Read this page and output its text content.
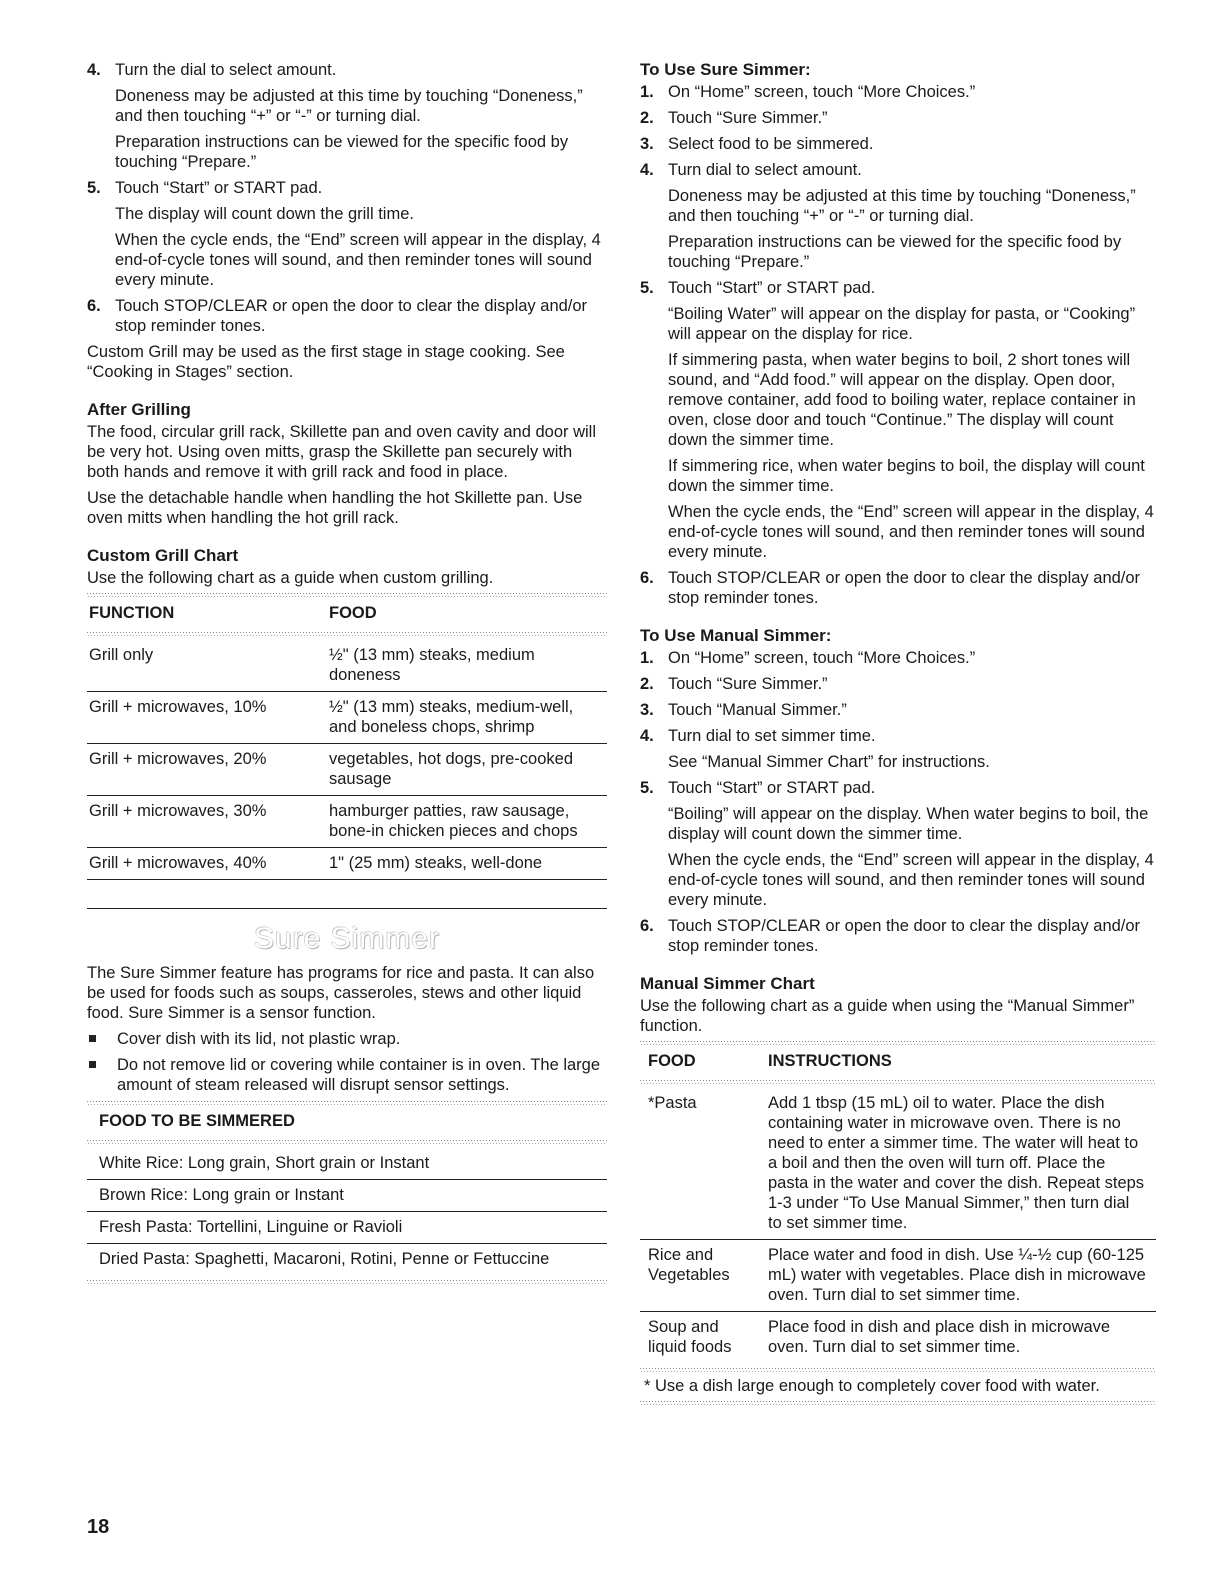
4. Turn the dial to select amount.

Doneness may be adjusted at this time by touching “Doneness,” and then touching “+” or “-” or turning dial.

Preparation instructions can be viewed for the specific food by touching “Prepare.”

5. Touch “Start” or START pad.

The display will count down the grill time.

When the cycle ends, the “End” screen will appear in the display, 4 end-of-cycle tones will sound, and then reminder tones will sound every minute.

6. Touch STOP/CLEAR or open the door to clear the display and/or stop reminder tones.

Custom Grill may be used as the first stage in stage cooking. See “Cooking in Stages” section.

After Grilling

The food, circular grill rack, Skillette pan and oven cavity and door will be very hot. Using oven mitts, grasp the Skillette pan securely with both hands and remove it with grill rack and food in place.

Use the detachable handle when handling the hot Skillette pan. Use oven mitts when handling the hot grill rack.

Custom Grill Chart

Use the following chart as a guide when custom grilling.

FUNCTION	FOOD

Grill only	½" (13 mm) steaks, medium doneness
Grill + microwaves, 10%	½" (13 mm) steaks, medium-well, and boneless chops, shrimp
Grill + microwaves, 20%	vegetables, hot dogs, pre-cooked sausage
Grill + microwaves, 30%	hamburger patties, raw sausage, bone-in chicken pieces and chops
Grill + microwaves, 40%	1" (25 mm) steaks, well-done
Sure Simmer

The Sure Simmer feature has programs for rice and pasta. It can also be used for foods such as soups, casseroles, stews and other liquid food. Sure Simmer is a sensor function.

Cover dish with its lid, not plastic wrap.
Do not remove lid or covering while container is in oven. The large amount of steam released will disrupt sensor settings.
FOOD TO BE SIMMERED

White Rice: Long grain, Short grain or Instant
Brown Rice: Long grain or Instant
Fresh Pasta: Tortellini, Linguine or Ravioli
Dried Pasta: Spaghetti, Macaroni, Rotini, Penne or Fettuccine
To Use Sure Simmer:
1. On “Home” screen, touch “More Choices.”

2. Touch “Sure Simmer.”

3. Select food to be simmered.

4. Turn dial to select amount.

Doneness may be adjusted at this time by touching “Doneness,” and then touching “+” or “-” or turning dial.

Preparation instructions can be viewed for the specific food by touching “Prepare.”

5. Touch “Start” or START pad.

“Boiling Water” will appear on the display for pasta, or “Cooking” will appear on the display for rice.

If simmering pasta, when water begins to boil, 2 short tones will sound, and “Add food.” will appear on the display. Open door, remove container, add food to boiling water, replace container in oven, close door and touch “Continue.” The display will count down the simmer time.

If simmering rice, when water begins to boil, the display will count down the simmer time.

When the cycle ends, the “End” screen will appear in the display, 4 end-of-cycle tones will sound, and then reminder tones will sound every minute.

6. Touch STOP/CLEAR or open the door to clear the display and/or stop reminder tones.

To Use Manual Simmer:
1. On “Home” screen, touch “More Choices.”

2. Touch “Sure Simmer.”

3. Touch “Manual Simmer.”

4. Turn dial to set simmer time.

See “Manual Simmer Chart” for instructions.

5. Touch “Start” or START pad.

“Boiling” will appear on the display. When water begins to boil, the display will count down the simmer time.

When the cycle ends, the “End” screen will appear in the display, 4 end-of-cycle tones will sound, and then reminder tones will sound every minute.

6. Touch STOP/CLEAR or open the door to clear the display and/or stop reminder tones.

Manual Simmer Chart

Use the following chart as a guide when using the “Manual Simmer” function.

FOOD	INSTRUCTIONS

*Pasta	Add 1 tbsp (15 mL) oil to water. Place the dish containing water in microwave oven. There is no need to enter a simmer time. The water will heat to a boil and then the oven will turn off. Place the pasta in the water and cover the dish. Repeat steps 1-3 under “To Use Manual Simmer,” then turn dial to set simmer time.
Rice and Vegetables	Place water and food in dish. Use ¼-½ cup (60-125 mL) water with vegetables. Place dish in microwave oven. Turn dial to set simmer time.
Soup and liquid foods	Place food in dish and place dish in microwave oven. Turn dial to set simmer time.

* Use a dish large enough to completely cover food with water.

18
